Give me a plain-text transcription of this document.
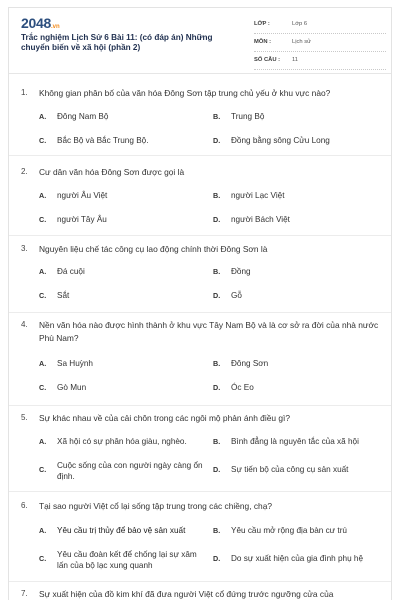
2048.vn
Trắc nghiệm Lịch Sử 6 Bài 11: (có đáp án) Những chuyển biến về xã hội (phần 2)
LỚP :	Lớp 6
MÔN :	Lịch sử
SỐ CÂU : 11
1. Không gian phân bố của văn hóa Đông Sơn tập trung chủ yếu ở khu vực nào?
A. Đông Nam Bộ	B. Trung Bộ
C. Bắc Bộ và Bắc Trung Bộ.	D. Đồng bằng sông Cửu Long
2. Cư dân văn hóa Đông Sơn được gọi là
A. người Âu Việt	B. người Lạc Việt
C. người Tây Âu	D. người Bách Việt
3. Nguyên liệu chế tác công cụ lao động chính thời Đông Sơn là
A. Đá cuội	B. Đồng
C. Sắt	D. Gỗ
4. Nền văn hóa nào được hình thành ở khu vực Tây Nam Bộ và là cơ sở ra đời của nhà nước Phù Nam?
A. Sa Huỳnh	B. Đông Sơn
C. Gò Mun	D. Óc Eo
5. Sự khác nhau về của cải chôn trong các ngôi mộ phản ánh điều gì?
A. Xã hội có sự phân hóa giàu, nghèo.	B. Bình đẳng là nguyên tắc của xã hội
C. Cuộc sống của con người ngày càng ổn định.
D. Sự tiến bộ của công cụ sản xuất
6. Tại sao người Việt cổ lại sống tập trung trong các chiềng, chạ?
A. Yêu cầu trị thủy để bảo vệ sản xuất	B. Yêu cầu mở rộng địa bàn cư trú
C. Yêu cầu đoàn kết để chống lại sự xâm lấn của bộ lạc xung quanh
D. Do sự xuất hiện của gia đình phụ hệ
7. Sự xuất hiện của đồ kim khí đã đưa người Việt cổ đứng trước ngưỡng cửa của
